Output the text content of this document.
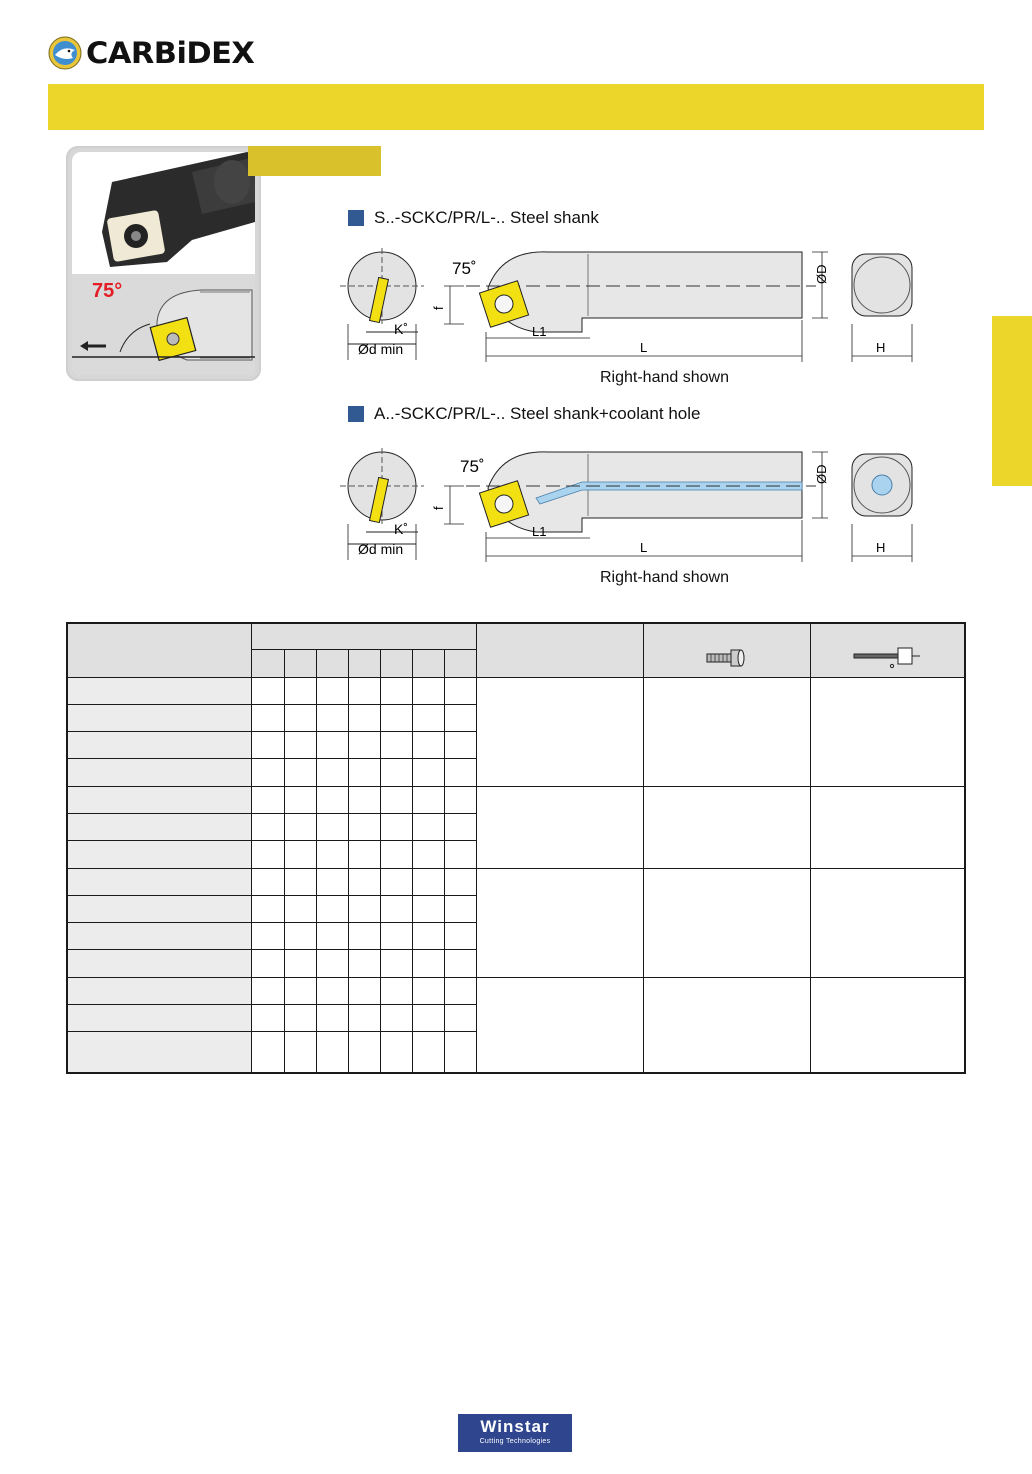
CARBiDEX
75°
S..-SCKC/PR/L-.. Steel shank
K˚
Ød min
75˚
f
L1
L
ØD
H
Right-hand shown
A..-SCKC/PR/L-.. Steel shank+coolant hole
K˚
Ød min
75˚
f
L1
L
ØD
H
Right-hand shown

Winstar
Cutting Technologies
